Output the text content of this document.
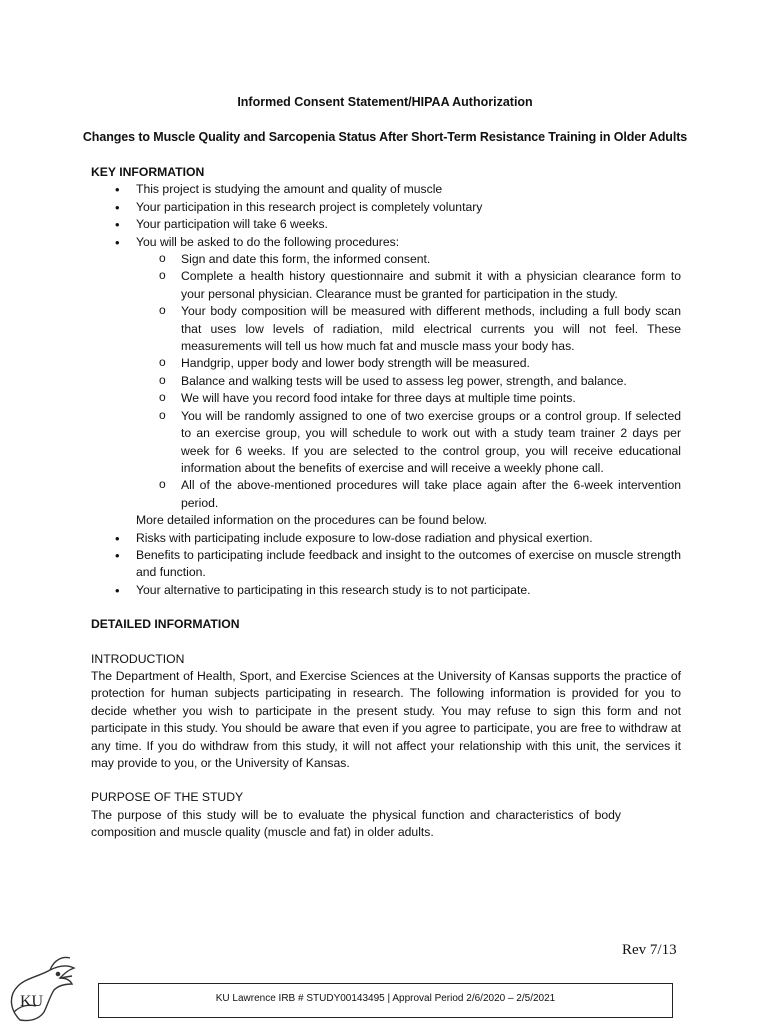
Informed Consent Statement/HIPAA Authorization
Changes to Muscle Quality and Sarcopenia Status After Short-Term Resistance Training in Older Adults
KEY INFORMATION
• This project is studying the amount and quality of muscle
• Your participation in this research project is completely voluntary
• Your participation will take 6 weeks.
• You will be asked to do the following procedures:
o Sign and date this form, the informed consent.
o Complete a health history questionnaire and submit it with a physician clearance form to your personal physician. Clearance must be granted for participation in the study.
o Your body composition will be measured with different methods, including a full body scan that uses low levels of radiation, mild electrical currents you will not feel. These measurements will tell us how much fat and muscle mass your body has.
o Handgrip, upper body and lower body strength will be measured.
o Balance and walking tests will be used to assess leg power, strength, and balance.
o We will have you record food intake for three days at multiple time points.
o You will be randomly assigned to one of two exercise groups or a control group. If selected to an exercise group, you will schedule to work out with a study team trainer 2 days per week for 6 weeks. If you are selected to the control group, you will receive educational information about the benefits of exercise and will receive a weekly phone call.
o All of the above-mentioned procedures will take place again after the 6-week intervention period.
More detailed information on the procedures can be found below.
• Risks with participating include exposure to low-dose radiation and physical exertion.
• Benefits to participating include feedback and insight to the outcomes of exercise on muscle strength and function.
• Your alternative to participating in this research study is to not participate.
DETAILED INFORMATION
INTRODUCTION
The Department of Health, Sport, and Exercise Sciences at the University of Kansas supports the practice of protection for human subjects participating in research. The following information is provided for you to decide whether you wish to participate in the present study. You may refuse to sign this form and not participate in this study. You should be aware that even if you agree to participate, you are free to withdraw at any time. If you do withdraw from this study, it will not affect your relationship with this unit, the services it may provide to you, or the University of Kansas.
PURPOSE OF THE STUDY
The purpose of this study will be to evaluate the physical function and characteristics of body composition and muscle quality (muscle and fat) in older adults.
Rev 7/13
KU	KU Lawrence IRB # STUDY00143495 | Approval Period 2/6/2020 – 2/5/2021
